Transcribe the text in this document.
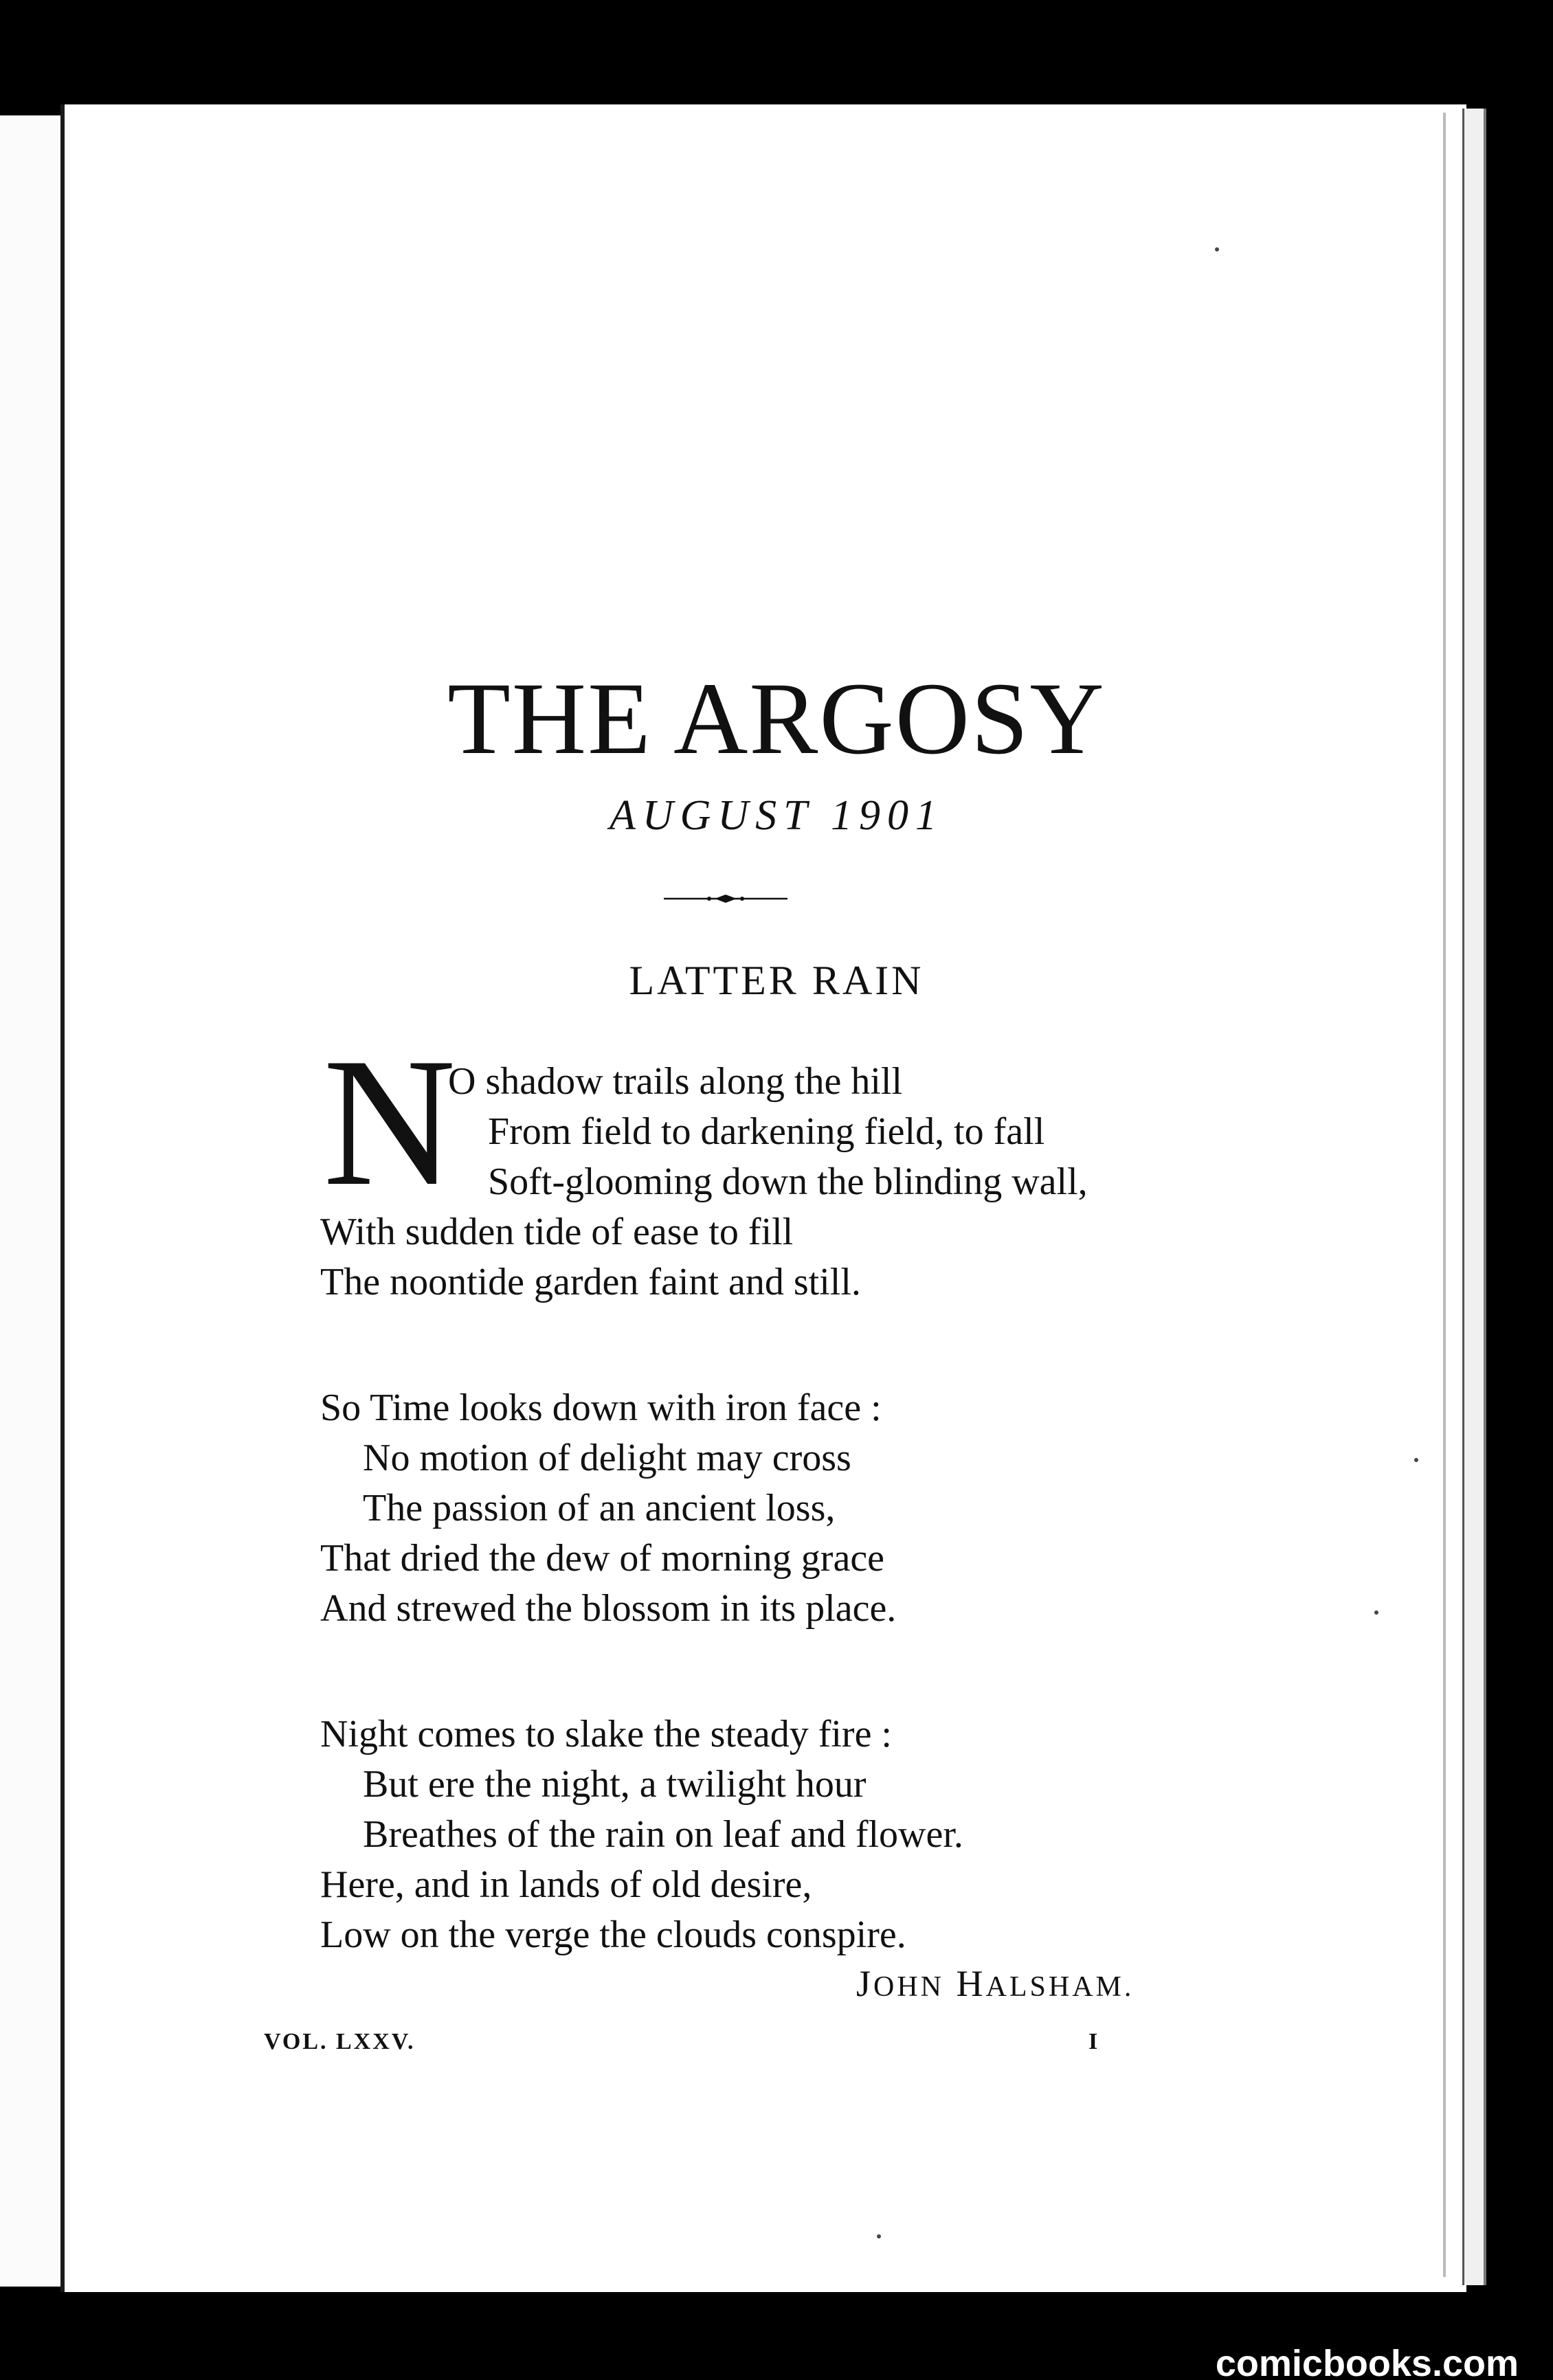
THE ARGOSY
AUGUST 1901
LATTER RAIN
N
O shadow trails along the hill
From field to darkening field, to fall
Soft-glooming down the blinding wall,
With sudden tide of ease to fill
The noontide garden faint and still.
So Time looks down with iron face :
No motion of delight may cross
The passion of an ancient loss,
That dried the dew of morning grace
And strewed the blossom in its place.
Night comes to slake the steady fire :
But ere the night, a twilight hour
Breathes of the rain on leaf and flower.
Here, and in lands of old desire,
Low on the verge the clouds conspire.
JOHN HALSHAM.
VOL. LXXV.	I
comicbooks.com
